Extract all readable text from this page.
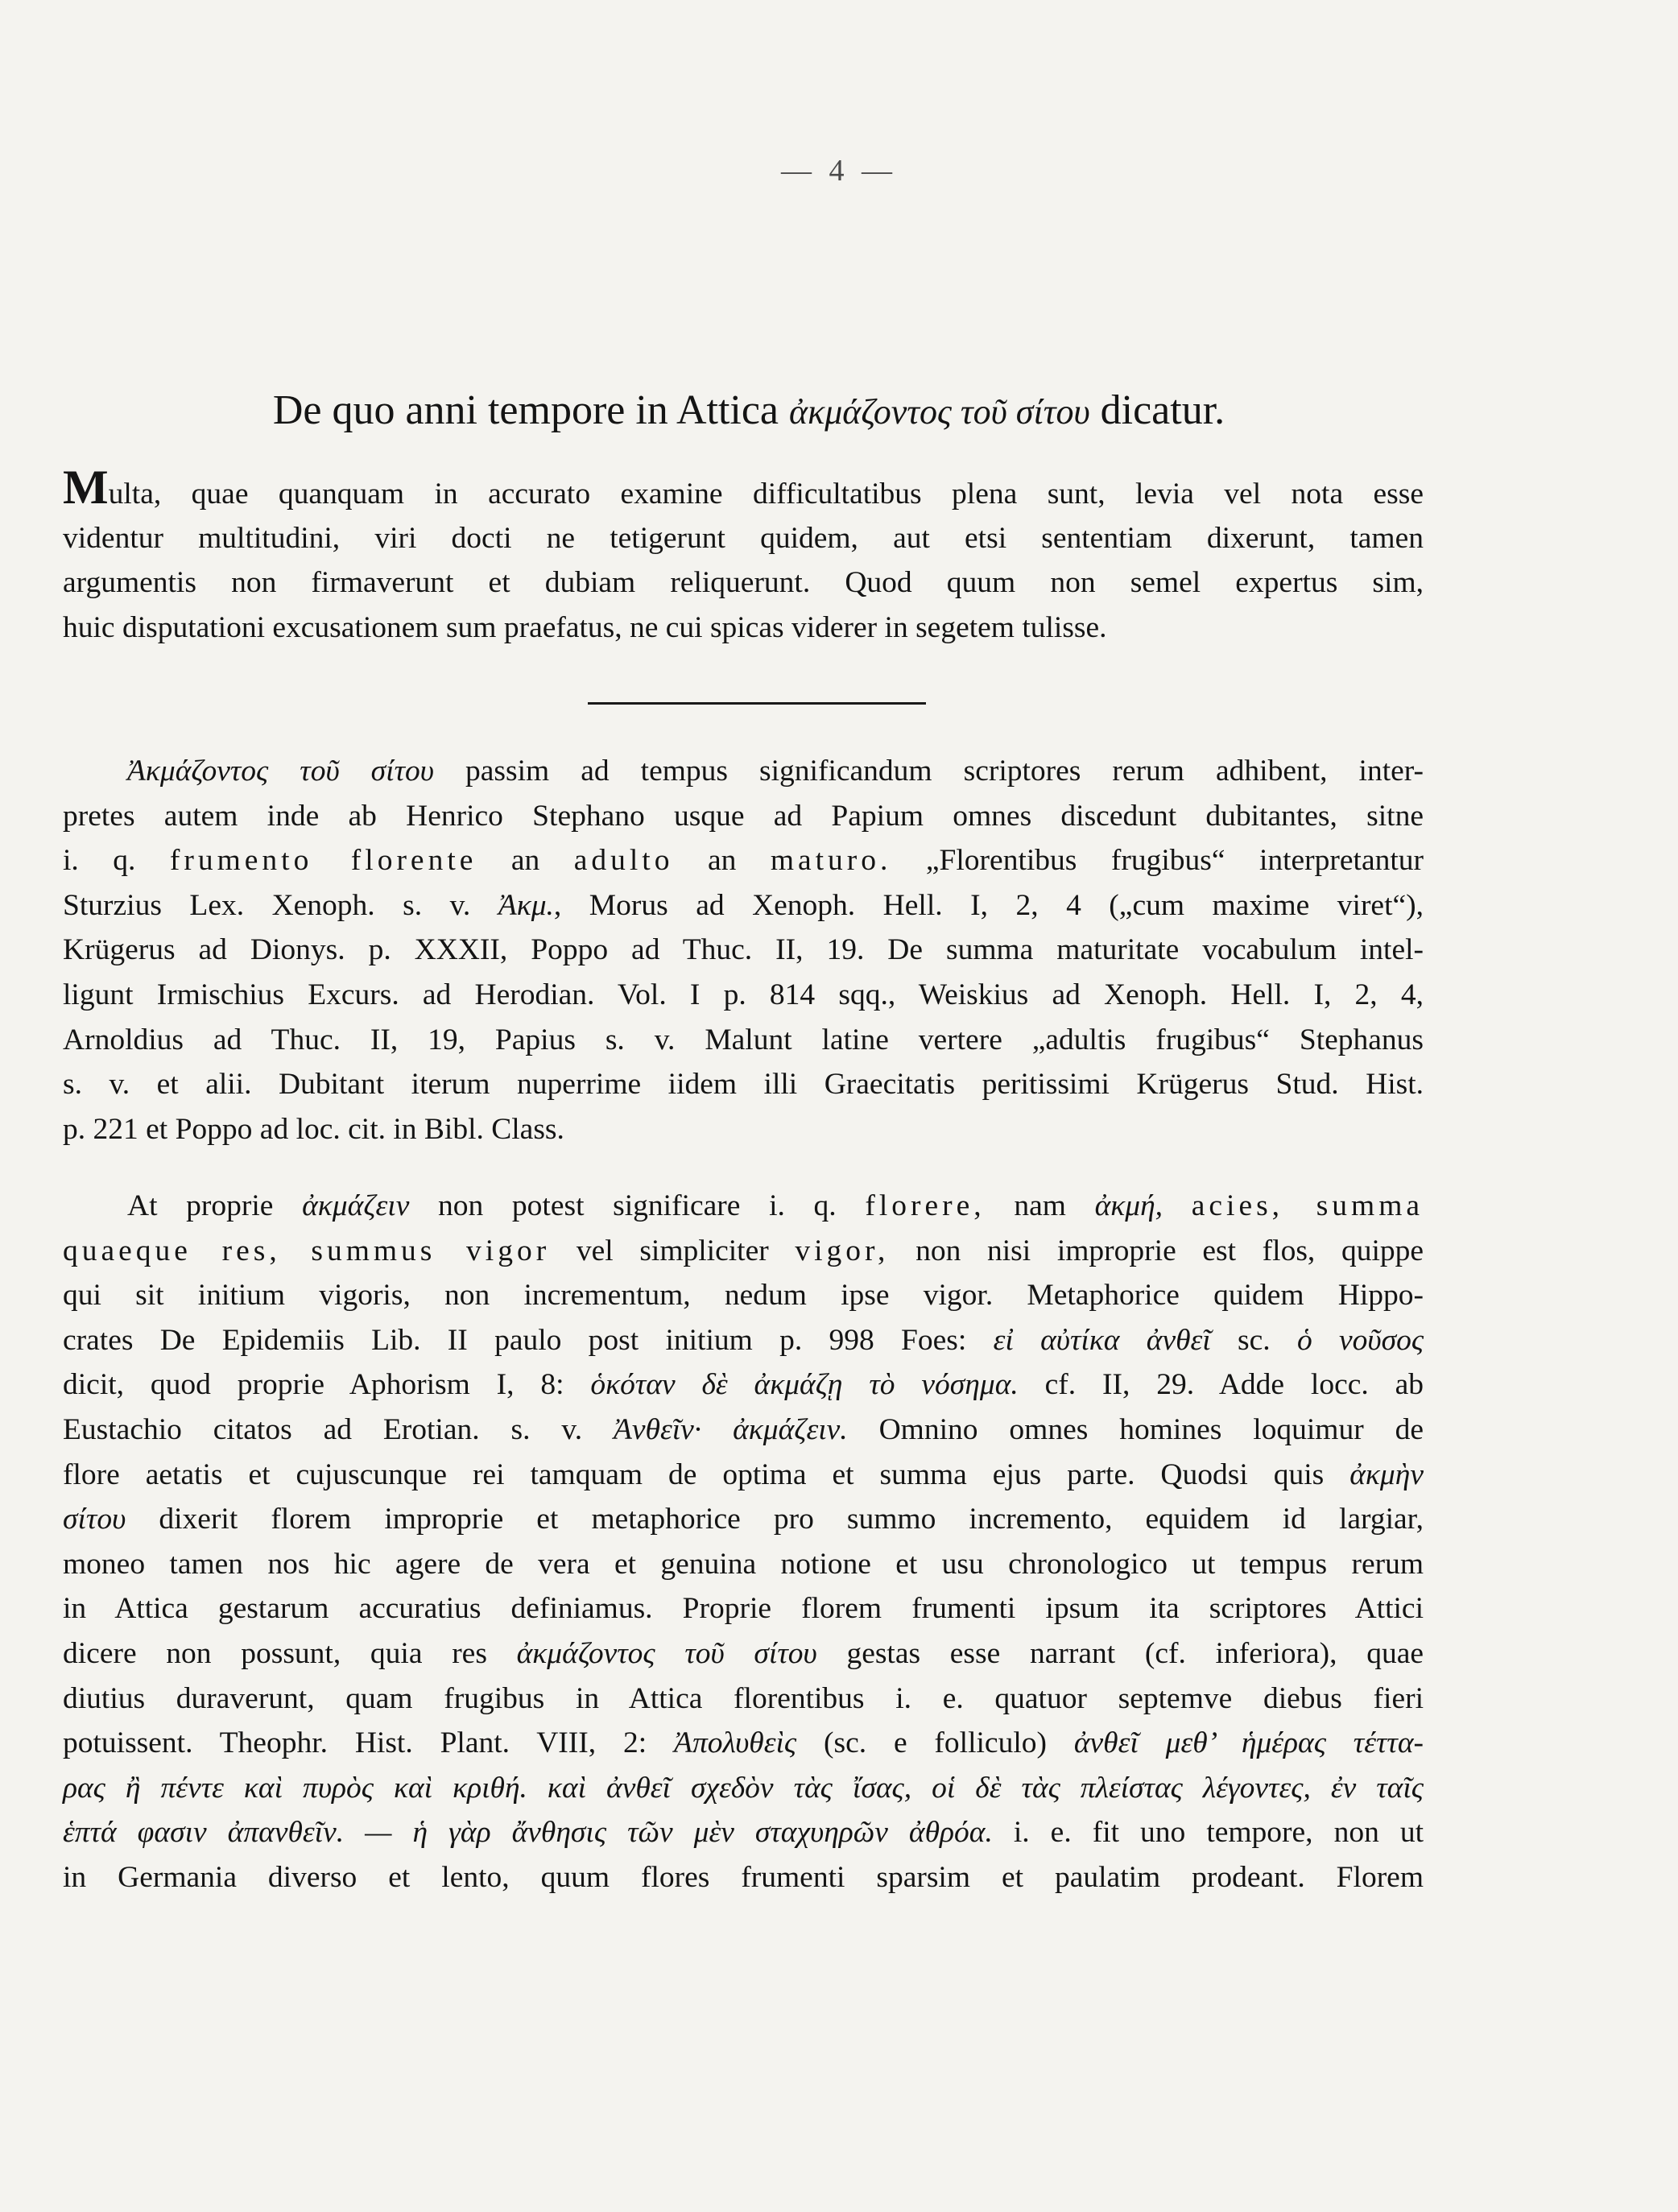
— 4 —
De quo anni tempore in Attica ἀκμάζοντος τοῦ σίτου dicatur.
Multa, quae quanquam in accurato examine difficultatibus plena sunt, levia vel nota esse
videntur multitudini, viri docti ne tetigerunt quidem, aut etsi sententiam dixerunt, tamen
argumentis non firmaverunt et dubiam reliquerunt. Quod quum non semel expertus sim,
huic disputationi excusationem sum praefatus, ne cui spicas viderer in segetem tulisse.
Ἀκμάζοντος τοῦ σίτου passim ad tempus significandum scriptores rerum adhibent, inter-
pretes autem inde ab Henrico Stephano usque ad Papium omnes discedunt dubitantes, sitne
i. q. frumento florente an adulto an maturo. „Florentibus frugibus“ interpretantur
Sturzius Lex. Xenoph. s. v. Ἀκμ., Morus ad Xenoph. Hell. I, 2, 4 („cum maxime viret“),
Krügerus ad Dionys. p. XXXII, Poppo ad Thuc. II, 19. De summa maturitate vocabulum intel-
ligunt Irmischius Excurs. ad Herodian. Vol. I p. 814 sqq., Weiskius ad Xenoph. Hell. I, 2, 4,
Arnoldius ad Thuc. II, 19, Papius s. v. Malunt latine vertere „adultis frugibus“ Stephanus
s. v. et alii. Dubitant iterum nuperrime iidem illi Graecitatis peritissimi Krügerus Stud. Hist.
p. 221 et Poppo ad loc. cit. in Bibl. Class.
At proprie ἀκμάζειν non potest significare i. q. florere, nam ἀκμή, acies, summa
quaeque res, summus vigor vel simpliciter vigor, non nisi improprie est flos, quippe
qui sit initium vigoris, non incrementum, nedum ipse vigor. Metaphorice quidem Hippo-
crates De Epidemiis Lib. II paulo post initium p. 998 Foes: εἰ αὐτίκα ἀνθεῖ sc. ὁ νοῦσος
dicit, quod proprie Aphorism I, 8: ὁκόταν δὲ ἀκμάζῃ τὸ νόσημα. cf. II, 29. Adde locc. ab
Eustachio citatos ad Erotian. s. v. Ἀνθεῖν· ἀκμάζειν. Omnino omnes homines loquimur de
flore aetatis et cujuscunque rei tamquam de optima et summa ejus parte. Quodsi quis ἀκμὴν
σίτου dixerit florem improprie et metaphorice pro summo incremento, equidem id largiar,
moneo tamen nos hic agere de vera et genuina notione et usu chronologico ut tempus rerum
in Attica gestarum accuratius definiamus. Proprie florem frumenti ipsum ita scriptores Attici
dicere non possunt, quia res ἀκμάζοντος τοῦ σίτου gestas esse narrant (cf. inferiora), quae
diutius duraverunt, quam frugibus in Attica florentibus i. e. quatuor septemve diebus fieri
potuissent. Theophr. Hist. Plant. VIII, 2: Ἀπολυθεὶς (sc. e folliculo) ἀνθεῖ μεθ’ ἡμέρας τέττα-
ρας ἢ πέντε καὶ πυρὸς καὶ κριθή. καὶ ἀνθεῖ σχεδὸν τὰς ἴσας, οἱ δὲ τὰς πλείστας λέγοντες, ἐν ταῖς
ἑπτά φασιν ἀπανθεῖν. — ἡ γὰρ ἄνθησις τῶν μὲν σταχυηρῶν ἀθρόα. i. e. fit uno tempore, non ut
in Germania diverso et lento, quum flores frumenti sparsim et paulatim prodeant. Florem
